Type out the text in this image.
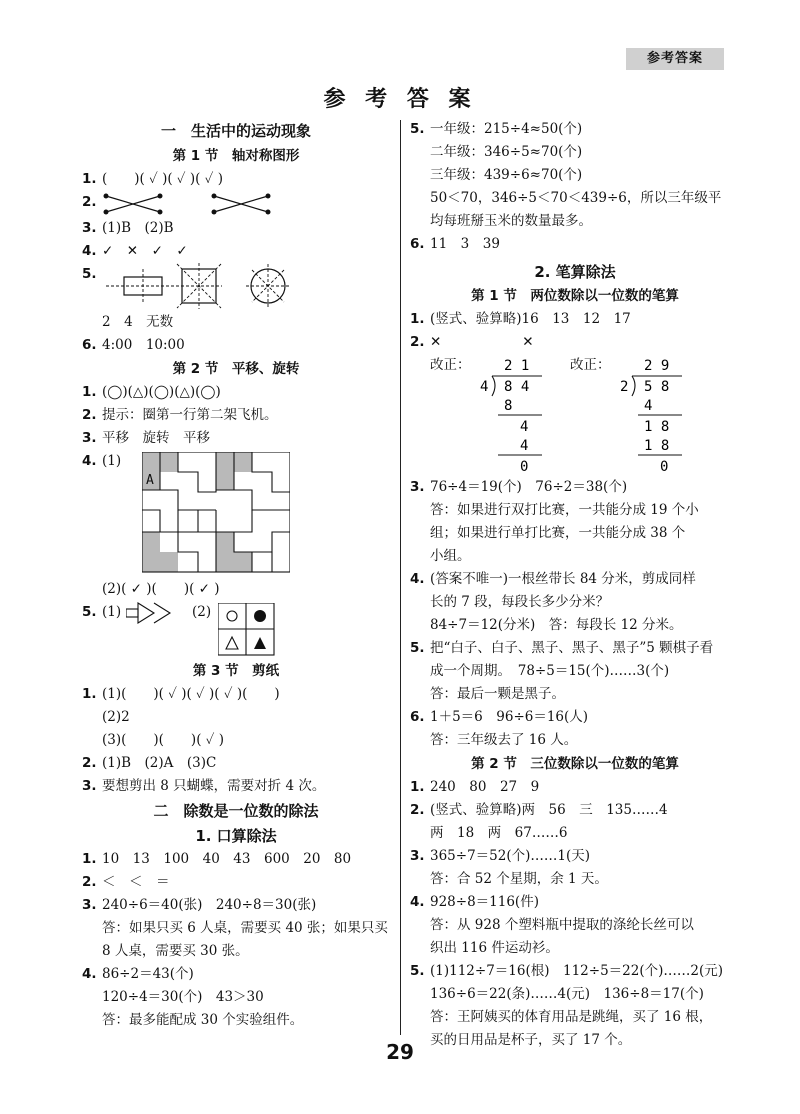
参考答案
参 考 答 案
一　生活中的运动现象
第 1 节　轴对称图形
1. (　　)( ✓ )( ✓ )( ✓ )
2.
3. (1)B　(2)B
4. ✓　✕　✓　✓
5.
2　4　无数
6. 4:00　10:00
第 2 节　平移、旋转
1. (◯)(△)(◯)(△)(◯)
2. 提示：圈第一行第二架飞机。
3. 平移　旋转　平移
4. (1)
A
(2)( ✓ )(　　)( ✓ )
5. (1)	(2)
第 3 节　剪纸
1. (1)(　　)( ✓ )( ✓ )( ✓ )(　　)
(2)2
(3)(　　)(　　)( ✓ )
2. (1)B　(2)A　(3)C
3. 要想剪出 8 只蝴蝶，需要对折 4 次。
二　除数是一位数的除法
1. 口算除法
1. 10　13　100　40　43　600　20　80
2. ＜　＜　＝
3. 240÷6＝40(张)　240÷8＝30(张)
答：如果只买 6 人桌，需要买 40 张；如果只买
8 人桌，需要买 30 张。
4. 86÷2＝43(个)
120÷4＝30(个)　43＞30
答：最多能配成 30 个实验组件。
5. 一年级：215÷4≈50(个)
二年级：346÷5≈70(个)
三年级：439÷6≈70(个)
50＜70，346÷5＜70＜439÷6，所以三年级平
均每班掰玉米的数量最多。
6. 11　3　39
2. 笔算除法
第 1 节　两位数除以一位数的笔算
1. (竖式、验算略)16　13　12　17
2. ✕　　　　　　✕
改正： 2 1
4 8 4
8
4
4
0
改正： 2 9
2 5 8
4
1 8
1 8
0
3. 76÷4＝19(个)　76÷2＝38(个)
答：如果进行双打比赛，一共能分成 19 个小
组；如果进行单打比赛，一共能分成 38 个
小组。
4. (答案不唯一)一根丝带长 84 分米，剪成同样
长的 7 段，每段长多少分米？
84÷7＝12(分米)　答：每段长 12 分米。
5. 把“白子、白子、黑子、黑子、黑子”5 颗棋子看
成一个周期。　78÷5＝15(个)……3(个)
答：最后一颗是黑子。
6. 1＋5＝6　96÷6＝16(人)
答：三年级去了 16 人。
第 2 节　三位数除以一位数的笔算
1. 240　80　27　9
2. (竖式、验算略)两　56　三　135……4
两　18　两　67……6
3. 365÷7＝52(个)……1(天)
答：合 52 个星期，余 1 天。
4. 928÷8＝116(件)
答：从 928 个塑料瓶中提取的涤纶长丝可以
织出 116 件运动衫。
5. (1)112÷7＝16(根)　112÷5＝22(个)……2(元)
136÷6＝22(条)……4(元)　136÷8＝17(个)
答：王阿姨买的体育用品是跳绳，买了 16 根，
买的日用品是杯子，买了 17 个。
29
